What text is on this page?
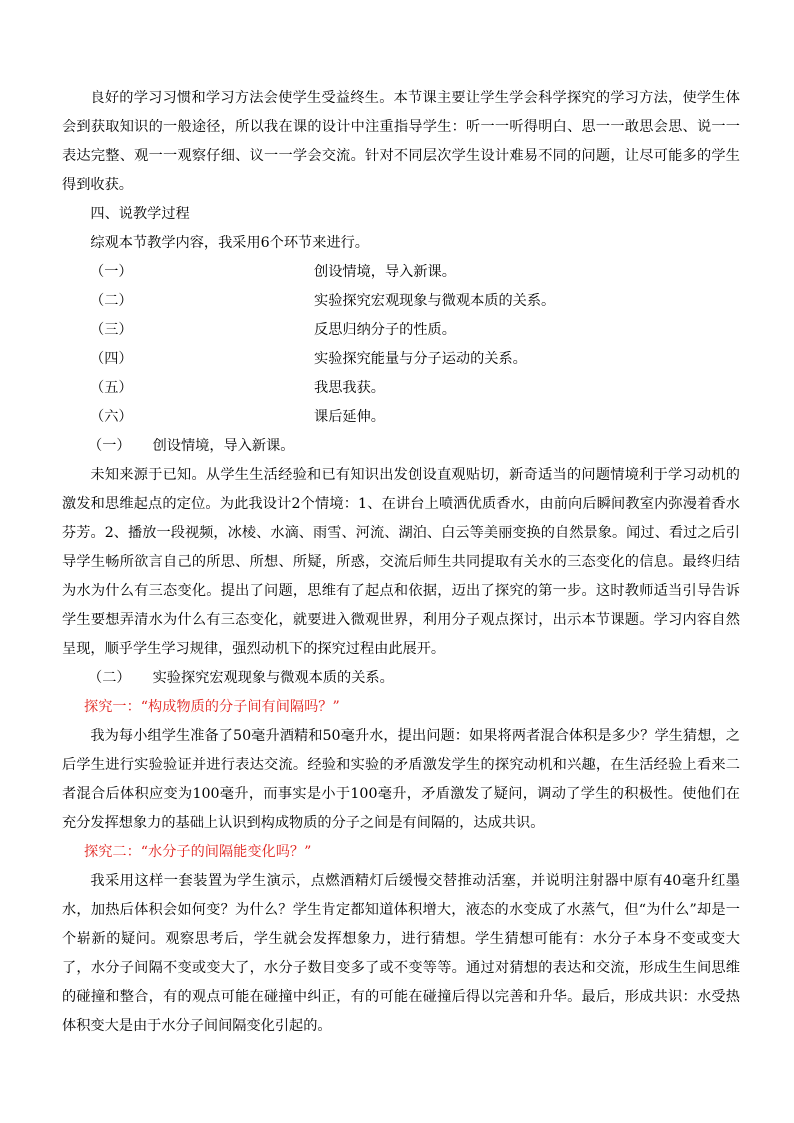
良好的学习习惯和学习方法会使学生受益终生。本节课主要让学生学会科学探究的学习方法，使学生体会到获取知识的一般途径，所以我在课的设计中注重指导学生：听一一听得明白、思一一敢思会思、说一一表达完整、观一一观察仔细、议一一学会交流。针对不同层次学生设计难易不同的问题，让尽可能多的学生得到收获。

四、说教学过程

综观本节教学内容，我采用6个环节来进行。

（一）	创设情境，导入新课。
（二）	实验探究宏观现象与微观本质的关系。
（三）	反思归纳分子的性质。
（四）	实验探究能量与分子运动的关系。
（五）	我思我获。
（六）	课后延伸。

（一） 创设情境，导入新课。

未知来源于已知。从学生生活经验和已有知识出发创设直观贴切，新奇适当的问题情境利于学习动机的激发和思维起点的定位。为此我设计2个情境：1、在讲台上喷洒优质香水，由前向后瞬间教室内弥漫着香水芬芳。2、播放一段视频，冰棱、水滴、雨雪、河流、湖泊、白云等美丽变换的自然景象。闻过、看过之后引导学生畅所欲言自己的所思、所想、所疑，所惑，交流后师生共同提取有关水的三态变化的信息。最终归结为水为什么有三态变化。提出了问题，思维有了起点和依据，迈出了探究的第一步。这时教师适当引导告诉学生要想弄清水为什么有三态变化，就要进入微观世界，利用分子观点探讨，出示本节课题。学习内容自然呈现，顺乎学生学习规律，强烈动机下的探究过程由此展开。

（二） 实验探究宏观现象与微观本质的关系。

探究一：“构成物质的分子间有间隔吗？”

我为每小组学生准备了50毫升酒精和50毫升水，提出问题：如果将两者混合体积是多少？学生猜想，之后学生进行实验验证并进行表达交流。经验和实验的矛盾激发学生的探究动机和兴趣，在生活经验上看来二者混合后体积应变为100毫升，而事实是小于100毫升，矛盾激发了疑问，调动了学生的积极性。使他们在充分发挥想象力的基础上认识到构成物质的分子之间是有间隔的，达成共识。

探究二：“水分子的间隔能变化吗？”

我采用这样一套装置为学生演示，点燃酒精灯后缓慢交替推动活塞，并说明注射器中原有40毫升红墨水，加热后体积会如何变？为什么？学生肯定都知道体积增大，液态的水变成了水蒸气，但“为什么”却是一个崭新的疑问。观察思考后，学生就会发挥想象力，进行猜想。学生猜想可能有：水分子本身不变或变大了，水分子间隔不变或变大了，水分子数目变多了或不变等等。通过对猜想的表达和交流，形成生生间思维的碰撞和整合，有的观点可能在碰撞中纠正，有的可能在碰撞后得以完善和升华。最后，形成共识：水受热体积变大是由于水分子间间隔变化引起的。
